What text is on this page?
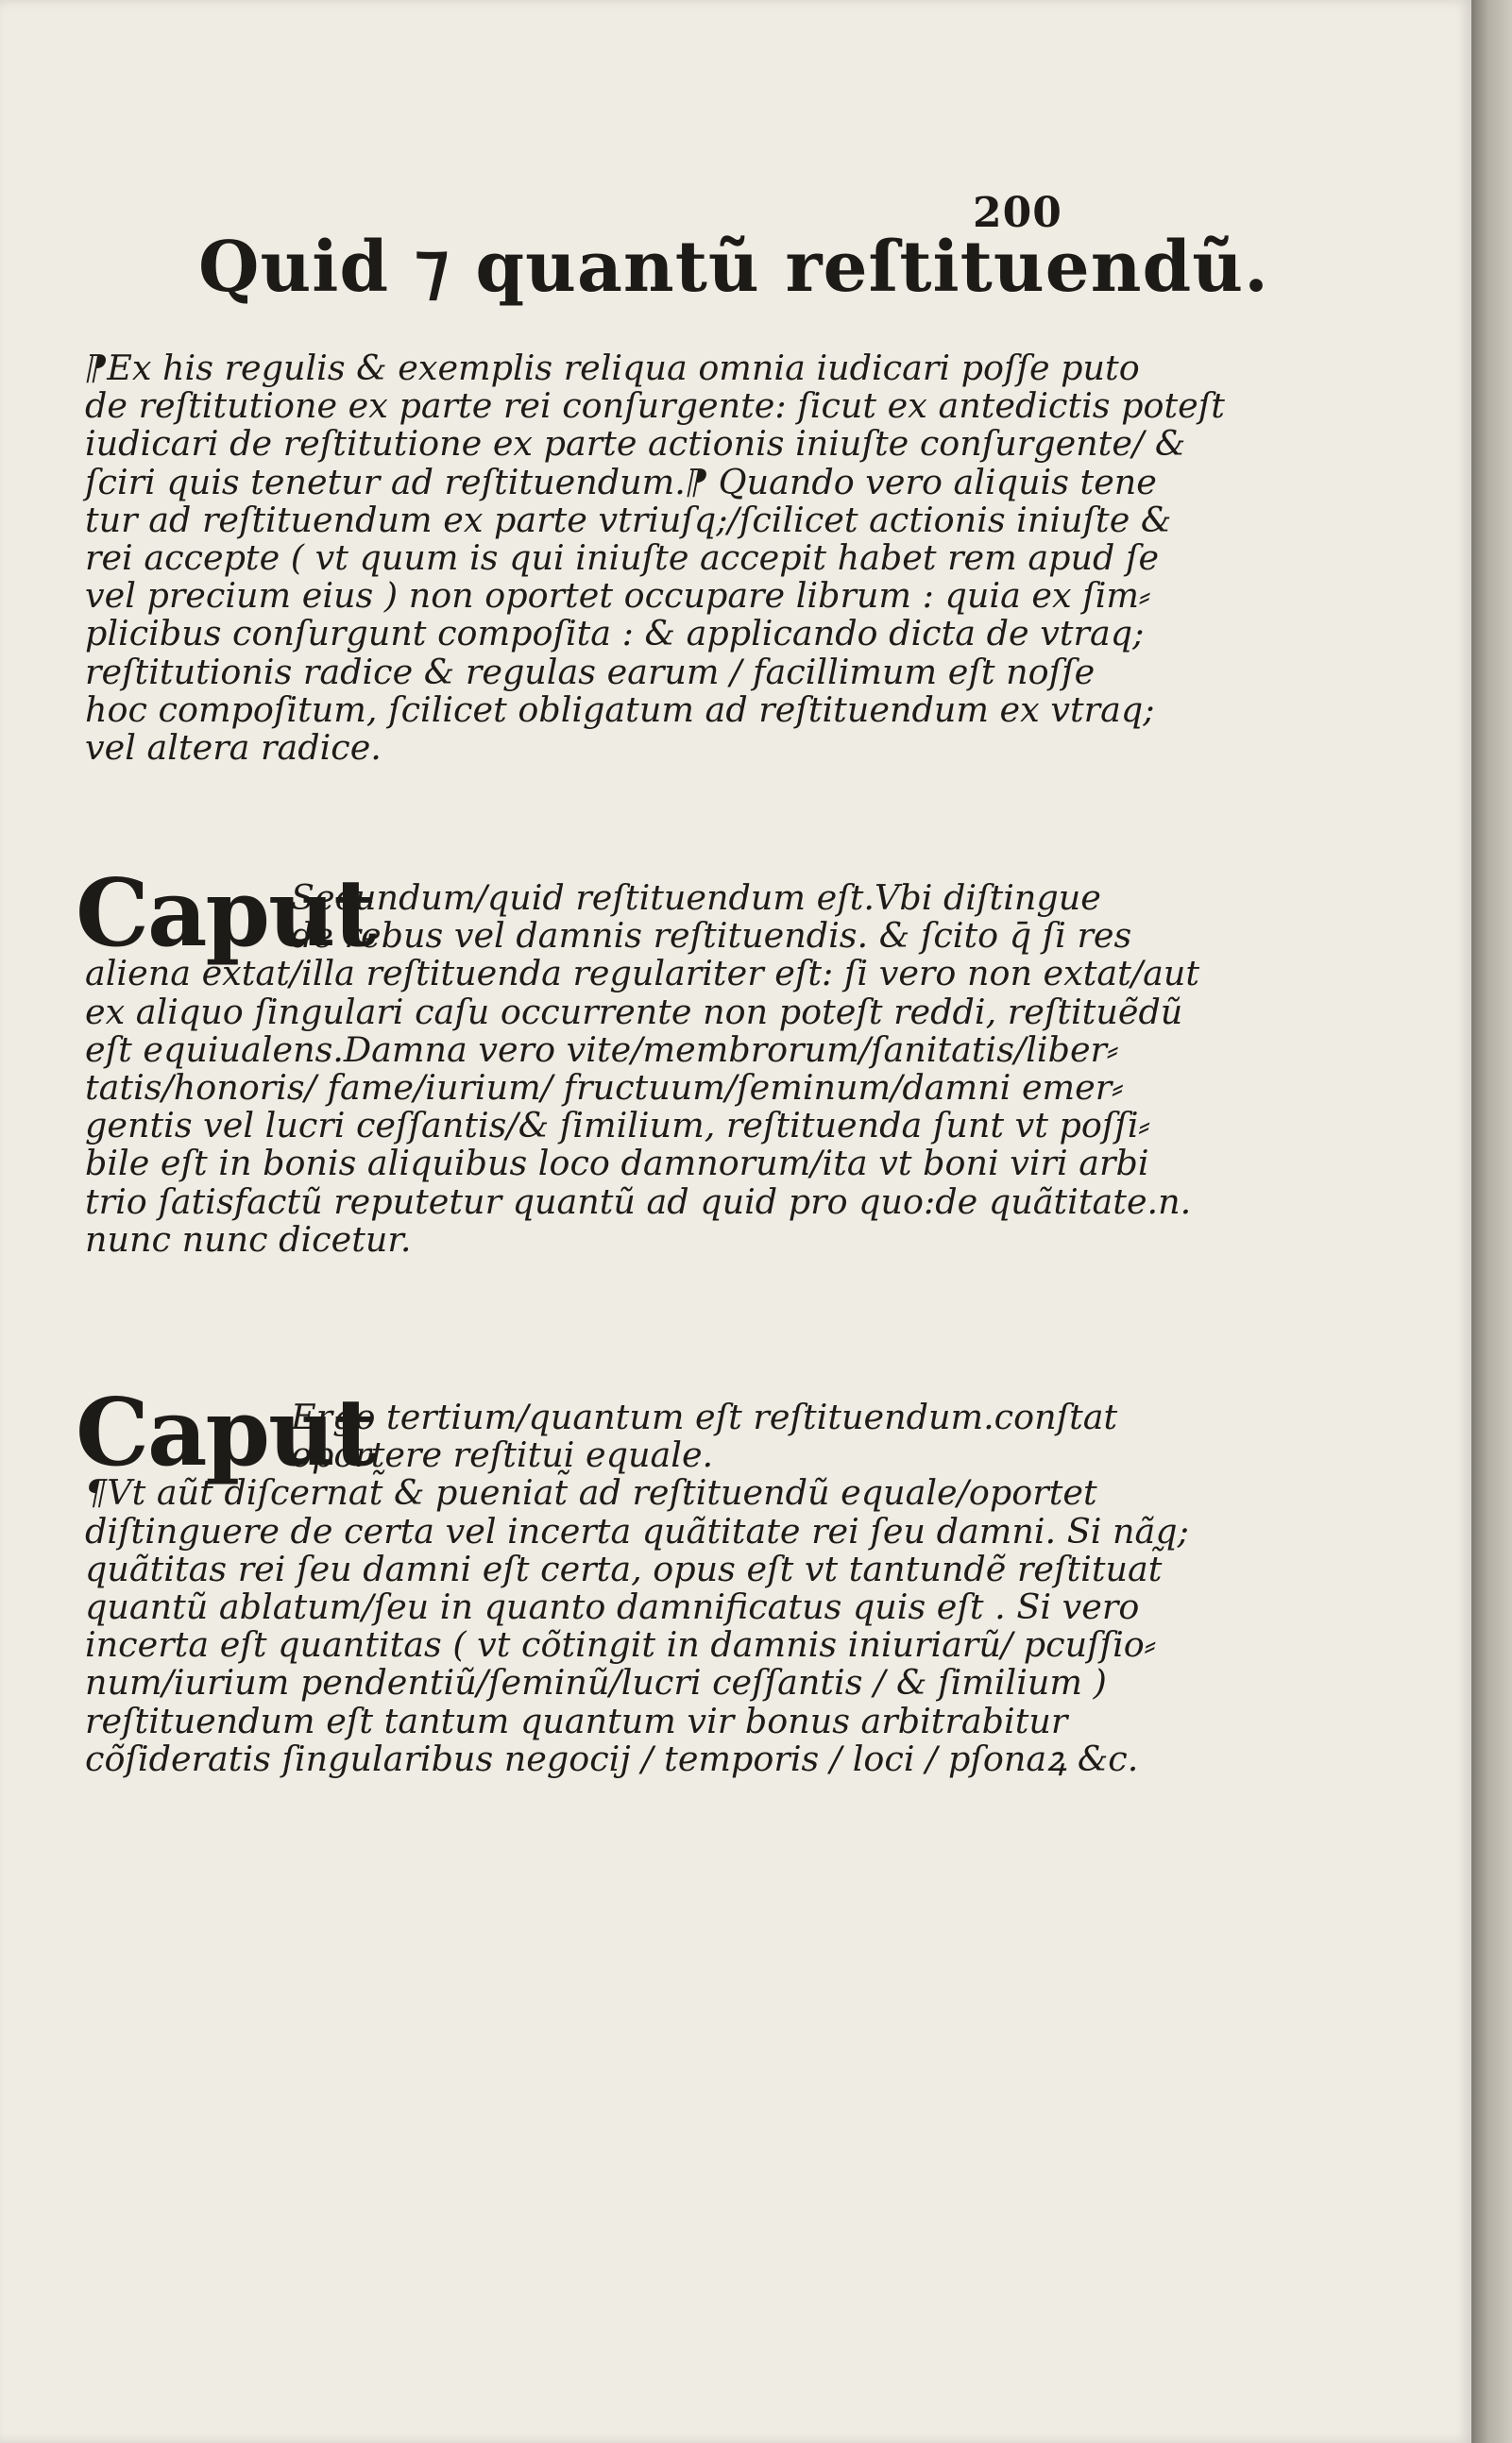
200
Quid ⁊ quantũ reſtituendũ.
⁋Ex his regulis & exemplis reliqua omnia iudicari poſſe puto
de reſtitutione ex parte rei conſurgente: ſicut ex antedictis poteſt
iudicari de reſtitutione ex parte actionis iniuſte conſurgente/ &
ſciri quis tenetur ad reſtituendum.⁋ Quando vero aliquis tene
tur ad reſtituendum ex parte vtriuſq;/ſcilicet actionis iniuſte &
rei accepte ( vt quum is qui iniuſte accepit habet rem apud ſe
vel precium eius ) non oportet occupare librum : quia ex ſim⸗
plicibus conſurgunt compoſita : & applicando dicta de vtraq;
reſtitutionis radice & regulas earum / facillimum eſt noſſe
hoc compoſitum, ſcilicet obligatum ad reſtituendum ex vtraq;
vel altera radice.
Caput
Secundum/quid reſtituendum eſt.Vbi diſtingue
de rebus vel damnis reſtituendis. & ſcito q̄ ſi res
aliena extat/illa reſtituenda regulariter eſt: ſi vero non extat/aut
ex aliquo ſingulari caſu occurrente non poteſt reddi, reſtituẽdũ
eſt equiualens.Damna vero vite/membrorum/ſanitatis/liber⸗
tatis/honoris/ fame/iurium/ fructuum/ſeminum/damni emer⸗
gentis vel lucri ceſſantis/& ſimilium, reſtituenda ſunt vt poſſi⸗
bile eſt in bonis aliquibus loco damnorum/ita vt boni viri arbi
trio ſatisfactũ reputetur quantũ ad quid pro quo:de quãtitate.n.
nunc nunc dicetur.
Caput
Ergo tertium/quantum eſt reſtituendum.conſtat
oportere reſtitui equale.
¶Vt aũt diſcernat̃ & pueniat̃ ad reſtituendũ equale/oportet
diſtinguere de certa vel incerta quãtitate rei ſeu damni. Si nãq;
quãtitas rei ſeu damni eſt certa, opus eſt vt tantundẽ reſtituat̃
quantũ ablatum/ſeu in quanto damnificatus quis eſt . Si vero
incerta eſt quantitas ( vt cõtingit in damnis iniuriarũ/ pcuſſio⸗
num/iurium pendentiũ/ſeminũ/lucri ceſſantis / & ſimilium )
reſtituendum eſt tantum quantum vir bonus arbitrabitur
cõſideratis ſingularibus negocij / temporis / loci / pſonaꝝ &c.
